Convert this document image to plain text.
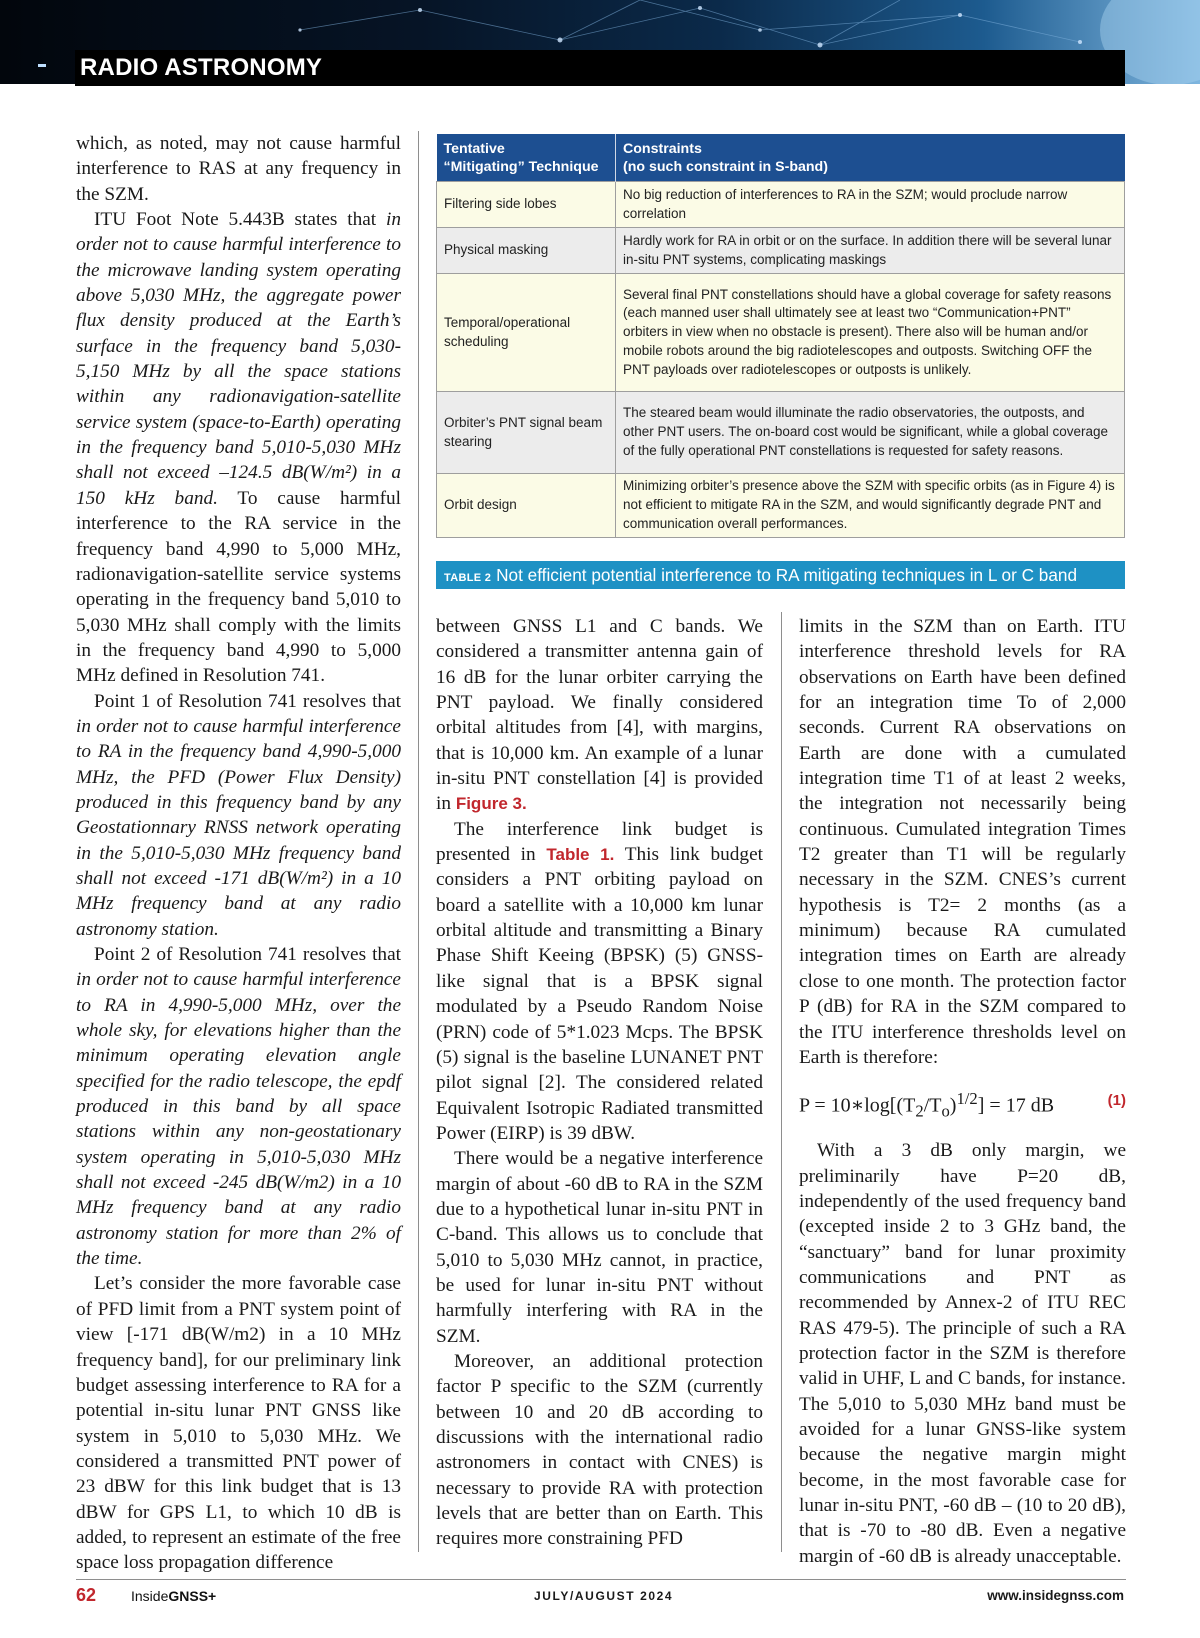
RADIO ASTRONOMY

which, as noted, may not cause harmful interference to RAS at any frequency in the SZM.

ITU Foot Note 5.443B states that in order not to cause harmful interference to the microwave landing system operating above 5,030 MHz, the aggregate power flux density produced at the Earth’s surface in the frequency band 5,030-5,150 MHz by all the space stations within any radionavigation-satellite service system (space-to-Earth) operating in the frequency band 5,010-5,030 MHz shall not exceed –124.5 dB(W/m²) in a 150 kHz band. To cause harmful interference to the RA service in the frequency band 4,990 to 5,000 MHz, radionavigation-satellite service systems operating in the frequency band 5,010 to 5,030 MHz shall comply with the limits in the frequency band 4,990 to 5,000 MHz defined in Resolution 741.

Point 1 of Resolution 741 resolves that in order not to cause harmful interference to RA in the frequency band 4,990-5,000 MHz, the PFD (Power Flux Density) produced in this frequency band by any Geostationnary RNSS network operating in the 5,010-5,030 MHz frequency band shall not exceed -171 dB(W/m²) in a 10 MHz frequency band at any radio astronomy station.

Point 2 of Resolution 741 resolves that in order not to cause harmful interference to RA in 4,990-5,000 MHz, over the whole sky, for elevations higher than the minimum operating elevation angle specified for the radio telescope, the epdf produced in this band by all space stations within any non-geostationary system operating in 5,010-5,030 MHz shall not exceed -245 dB(W/m2) in a 10 MHz frequency band at any radio astronomy station for more than 2% of the time.

Let’s consider the more favorable case of PFD limit from a PNT system point of view [-171 dB(W/m2) in a 10 MHz frequency band], for our preliminary link budget assessing interference to RA for a potential in-situ lunar PNT GNSS like system in 5,010 to 5,030 MHz. We considered a transmitted PNT power of 23 dBW for this link budget that is 13 dBW for GPS L1, to which 10 dB is added, to represent an estimate of the free space loss propagation difference

Tentative
“Mitigating” Technique	Constraints
(no such constraint in S-band)
Filtering side lobes	No big reduction of interferences to RA in the SZM; would proclude narrow correlation
Physical masking	Hardly work for RA in orbit or on the surface. In addition there will be several lunar in-situ PNT systems, complicating maskings
Temporal/operational scheduling	Several final PNT constellations should have a global coverage for safety reasons (each manned user shall ultimately see at least two “Communication+PNT” orbiters in view when no obstacle is present). There also will be human and/or mobile robots around the big radiotelescopes and outposts. Switching OFF the PNT payloads over radiotelescopes or outposts is unlikely.
Orbiter’s PNT signal beam stearing	The steared beam would illuminate the radio observatories, the outposts, and other PNT users. The on-board cost would be significant, while a global coverage of the fully operational PNT constellations is requested for safety reasons.
Orbit design	Minimizing orbiter’s presence above the SZM with specific orbits (as in Figure 4) is not efficient to mitigate RA in the SZM, and would significantly degrade PNT and communication overall performances.
TABLE 2 Not efficient potential interference to RA mitigating techniques in L or C band

between GNSS L1 and C bands. We considered a transmitter antenna gain of 16 dB for the lunar orbiter carrying the PNT payload. We finally considered orbital altitudes from [4], with margins, that is 10,000 km. An example of a lunar in-situ PNT constellation [4] is provided in Figure 3.

The interference link budget is presented in Table 1. This link budget considers a PNT orbiting payload on board a satellite with a 10,000 km lunar orbital altitude and transmitting a Binary Phase Shift Keeing (BPSK) (5) GNSS-like signal that is a BPSK signal modulated by a Pseudo Random Noise (PRN) code of 5*1.023 Mcps. The BPSK (5) signal is the baseline LUNANET PNT pilot signal [2]. The considered related Equivalent Isotropic Radiated transmitted Power (EIRP) is 39 dBW.

There would be a negative interference margin of about -60 dB to RA in the SZM due to a hypothetical lunar in-situ PNT in C-band. This allows us to conclude that 5,010 to 5,030 MHz cannot, in practice, be used for lunar in-situ PNT without harmfully interfering with RA in the SZM.

Moreover, an additional protection factor P specific to the SZM (currently between 10 and 20 dB according to discussions with the international radio astronomers in contact with CNES) is necessary to provide RA with protection levels that are better than on Earth. This requires more constraining PFD

limits in the SZM than on Earth. ITU interference threshold levels for RA observations on Earth have been defined for an integration time To of 2,000 seconds. Current RA observations on Earth are done with a cumulated integration time T1 of at least 2 weeks, the integration not necessarily being continuous. Cumulated integration Times T2 greater than T1 will be regularly necessary in the SZM. CNES’s current hypothesis is T2= 2 months (as a minimum) because RA cumulated integration times on Earth are already close to one month. The protection factor P (dB) for RA in the SZM compared to the ITU interference thresholds level on Earth is therefore:

$P = 10∗\log[(T_2/T_o)^{1/2}] = 17$ dB	(1)

With a 3 dB only margin, we preliminarily have P=20 dB, independently of the used frequency band (excepted inside 2 to 3 GHz band, the “sanctuary” band for lunar proximity communications and PNT as recommended by Annex-2 of ITU REC RAS 479-5). The principle of such a RA protection factor in the SZM is therefore valid in UHF, L and C bands, for instance. The 5,010 to 5,030 MHz band must be avoided for a lunar GNSS-like system because the negative margin might become, in the most favorable case for lunar in-situ PNT, -60 dB – (10 to 20 dB), that is -70 to -80 dB. Even a negative margin of -60 dB is already unacceptable.

62 InsideGNSS+	JULY/AUGUST 2024	www.insidegnss.com
